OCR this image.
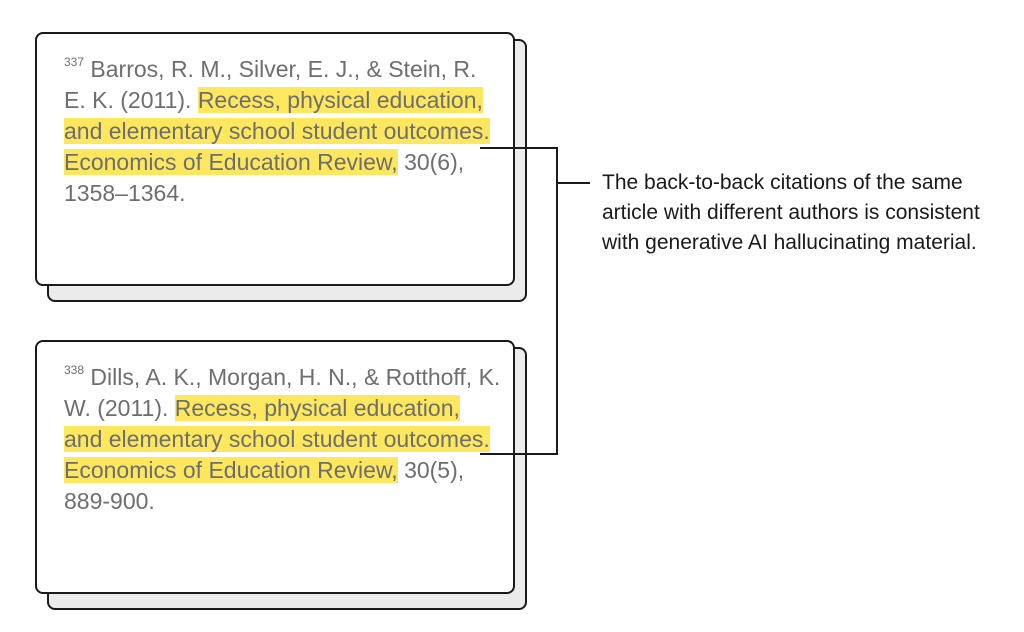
$^{337}$ Barros, R. M., Silver, E. J., & Stein, R. E. K. (2011). Recess, physical education, and elementary school student outcomes. Economics of Education Review, 30(6), 1358–1364.
$^{338}$ Dills, A. K., Morgan, H. N., & Rotthoff, K. W. (2011). Recess, physical education, and elementary school student outcomes. Economics of Education Review, 30(5), 889-900.
The back-to-back citations of the same article with different authors is consistent with generative AI hallucinating material.
